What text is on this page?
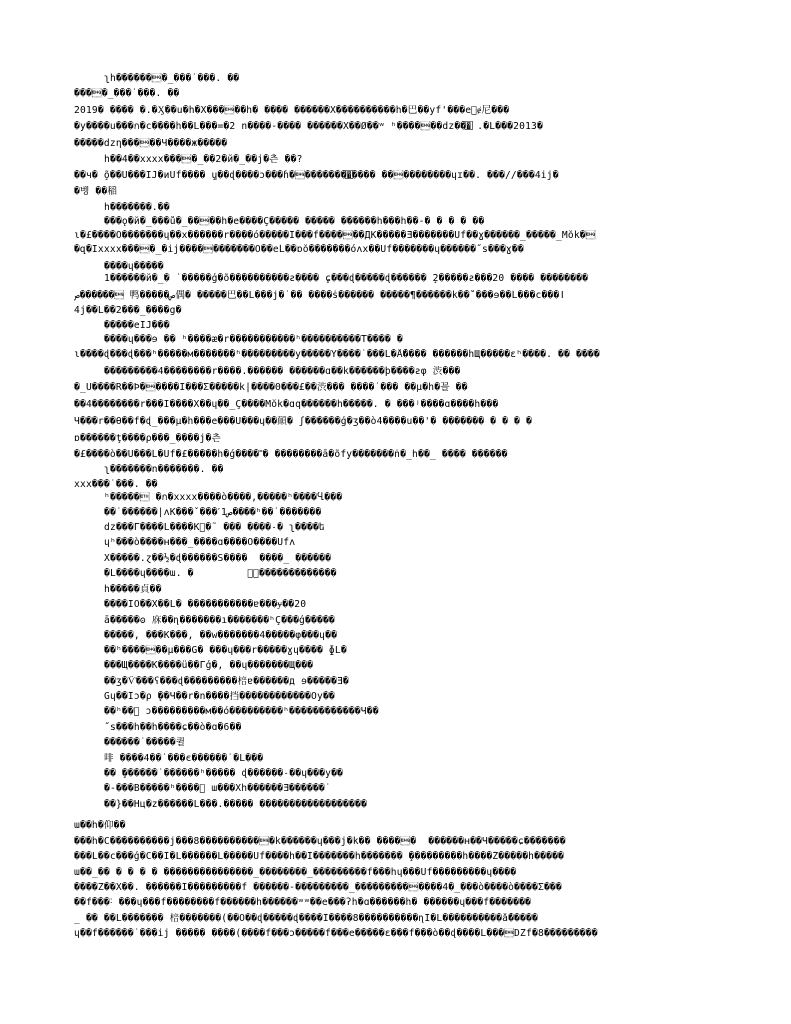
ʅh�������_���˙���. ��
����_���˙���. ��
2019� ���� �.�Ӽ��u�h�X�����h� ���� ������X����������h�巴��yf'���e⃞ɇ尼���
�y����u���ก�c����h��L���=�2 n����-���� ������X��Ø��ʷ ʰ������dz���⃞ .�L���2013�
�����dzη�����Ч����ж�����
h��4��xxxx����_��2�й�_��j�츤 ��?
��ч� ̧õ��U���IJ�иÜf���� ̧ɥ��ɖ����ɔ���ɦ���������⃞���� ����������ɥɪ��. ���//���4ij�
�벵 ��稲
h�������.��
���ǫ�й�_���ů�_����h�e����Ç����� ����� ������h���h��-� � � � ��
ɩ�£����Ŏ�������ɥ��x������r����ó�����Ĩ���f������ДK�����Ǝ�������Üf��ɣ������_�����_Mŏk�
�զ�Ïxxxx����_�ij�����������Ö��eĹ��ɒŏ�������óʌx��Üf�������ɥ������˝s���ɣ��
����ɥ�����
1������й�_� ˙�����ģ�õ����������ƨ���� ̧ɕ���ɖ�����ɖ������ ̧2�����ƨ���20 ���� ��������
ص������ 鸭�����ص偶� �����巴��L���j�˙�� ����ṡ������ �����¶������k��˚���ɘ��Ĺ���c���ǀ
4j��L��2���_����g�
�����eIJ���
����ɥ���ɘ �� ʰ����æ�r�����������ʰ����������T���� �
ɩ����ɖ���ɖ���ʰ�����м�������ʰ���������y�����Ÿ����˙���L�Ǻ���� ������hЩ�����ɛʰ����. �� ����
���������4��������r����.������ ������ɑ��k������þ����ƨφ 渋���
�_U����R��Þ�����Ï���Σ�����k|����Θ���£��渋��� ����˙��� ��μ�h�꾤 ��
��4��������r���Ï����X��ɥ��_Ç����Mŏk�ɑq������h�����. � ���ʲ����ɑ����h���
Ч���r��Ѳ��f�ɖ_���μ�h���e���U���ɥ��顛� ʃ������ģ�ʒ��ò4����u��'� ������� � � � �
ɒ������ţ����ρ���_����j�츤
�£����ò��U���Ĺ�Üf�£�����h�ǵ����˭� ��������ā�õfy�������ṅ�_h��_ ���� ������
ʅ�������n�������. ��
xxx���˙���. ��
ʰ����� �ก�xxxx����ò����,�����ʰ����Ⴁ���
��˙������|ʌK���ˇ���˹ص1����ʰ��˙�������
dz���Г����L����K⃞�˜ ��� ����˗� ʅ����ե
ɥʰ���ò����ʜ���_����ɑ����Ö����Üfʌ
X�����.ɀ��½�ɖ������Š����  ����_ ������
�L����ɥ����ɯ. �         ⃞⃞�������������
h�����貞��
����ÏÖ��X��L� �����������ɐ���ɏ��20
ā�����ʘ 庥��ɳ�������ı�������ʰÇ���ģ�����
�����, ���K���, ��w�������4�����φ���ɥ��
��ʰ������μ���G� ���ɥ���r�����ɣɥ���� ɸL�
���Щ����K����ü��Гģ�, ��ɥ�������Щ���
��ʒ�Ѷ���ʕ���ɖ���������棓ɐ������д ɘ�����Ǝ�
Gɥ��Ĩɔ�ρ ̨��Ч��r�n����挡������������Оy��
��ʰ��⃞ ɔ���������м��ó���������ʰ������������Ч��
˝s���h��h����ɕ��ò�ɑ�6��
������˙�����퀼
啡 ����4��˙���є������˙�L���
�� ̧������˙������ʰ����� ɖ������˗��ɥ���y��
�-���B�����ʰ����⃞ ɯ���Xh������Ǝ������˙
��}��Hц�z������L���.����� ������������������
ɯ��h�仰�� ̧
���h�C����������j���8�����������k������ɥ���j�k�� �����  ������ʜ��Ч�����ɕ�������
���L��c���ģ�Ĉ��Ĩ�L������L�����Üf����h��Ĩ�������h������� ̧���������h����Ź�����h�����
ɯ��_�� � � � � ���������������_��������_���������f���hɥ���Üf���������ɥ����
����Ż��X��. ������Ĩ���������f ������-���������_�������������4�_���ò����ò����Σ���
��f���˸ ���ɥ���f��������f������h������ʷʷ��e���ʔh�ɑ������h� ������ɥ���f�������
_ �� ��L������� 棓�������(��Ö��ɖ�����ɖ����Ĩ����8����������ɳĨ�L����������ǻ�����
ɥ��f������˙���ij ����� ����(����f���ɔ�����f���e�����ɛ���f���ò��ɖ����L���DZf�8���������
